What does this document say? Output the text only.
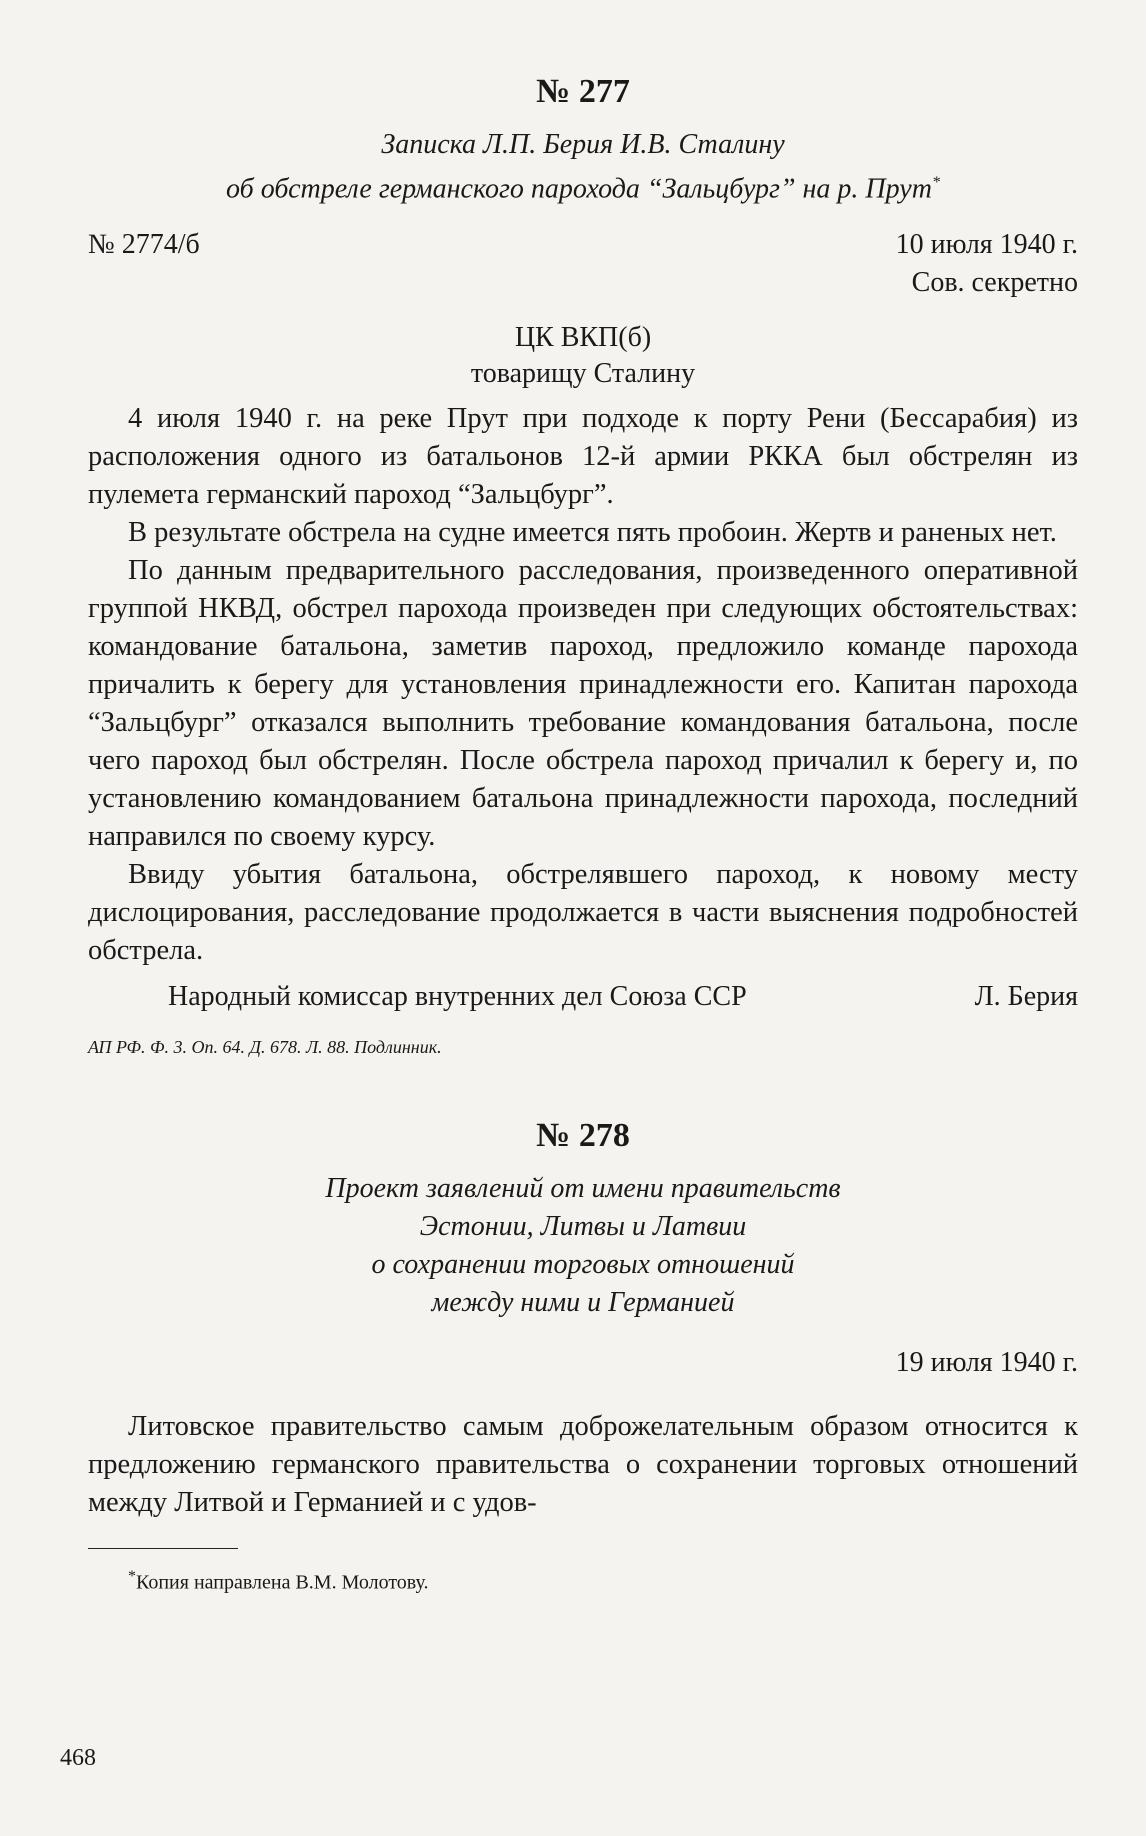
№ 277
Записка Л.П. Берия И.В. Сталину
об обстреле германского парохода “Зальцбург” на р. Прут*
№ 2774/б	10 июля 1940 г.
Сов. секретно
ЦК ВКП(б)
товарищу Сталину

4 июля 1940 г. на реке Прут при подходе к порту Рени (Бессарабия) из расположения одного из батальонов 12-й армии РККА был обстрелян из пулемета германский пароход “Зальцбург”.

В результате обстрела на судне имеется пять пробоин. Жертв и раненых нет.

По данным предварительного расследования, произведенного оперативной группой НКВД, обстрел парохода произведен при следующих обстоятельствах: командование батальона, заметив пароход, предложило команде парохода причалить к берегу для установления принадлежности его. Капитан парохода “Зальцбург” отказался выполнить требование командования батальона, после чего пароход был обстрелян. После обстрела пароход причалил к берегу и, по установлению командованием батальона принадлежности парохода, последний направился по своему курсу.

Ввиду убытия батальона, обстрелявшего пароход, к новому месту дислоцирования, расследование продолжается в части выяснения подробностей обстрела.

Народный комиссар внутренних дел Союза ССР	Л. Берия
АП РФ. Ф. 3. Оп. 64. Д. 678. Л. 88. Подлинник.
№ 278
Проект заявлений от имени правительств
Эстонии, Литвы и Латвии
о сохранении торговых отношений
между ними и Германией
19 июля 1940 г.

Литовское правительство самым доброжелательным образом относится к предложению германского правительства о сохранении торговых отношений между Литвой и Германией и с удов-

*Копия направлена В.М. Молотову.
468
